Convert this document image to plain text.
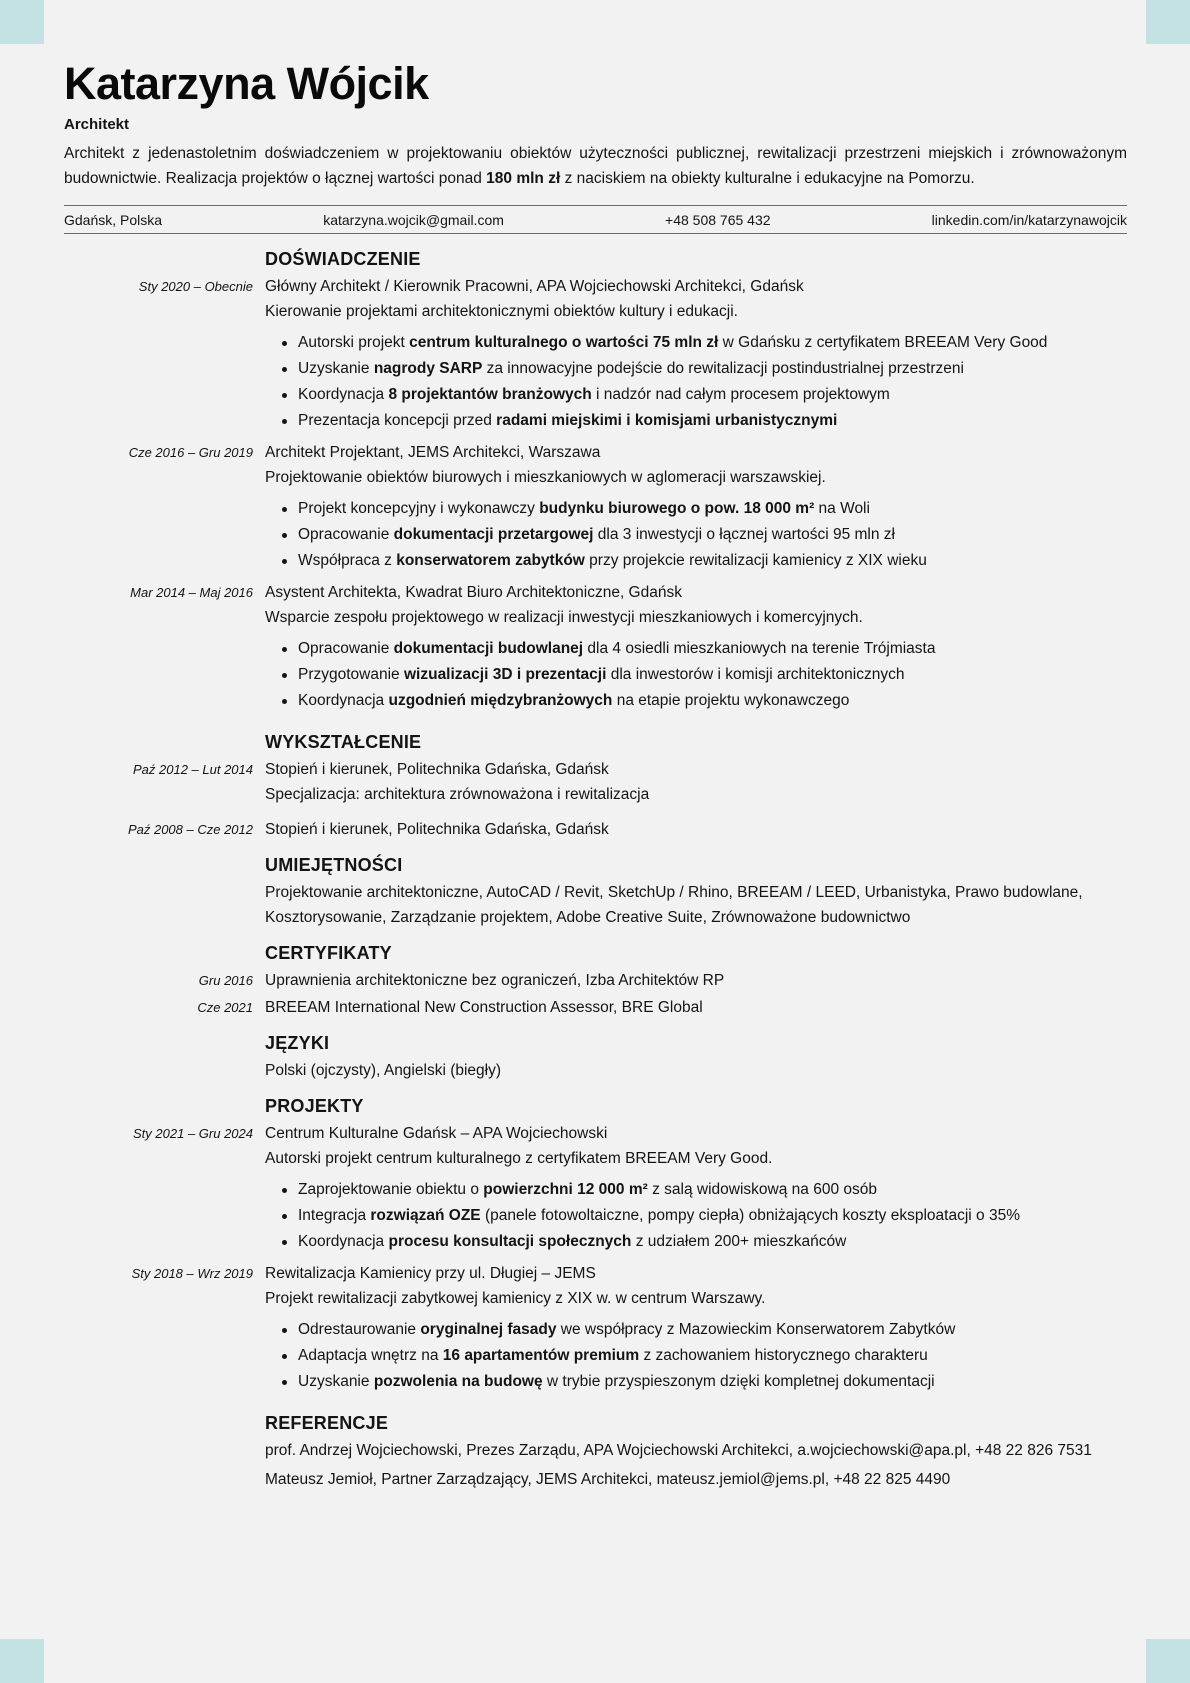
Katarzyna Wójcik
Architekt
Architekt z jedenastoletnim doświadczeniem w projektowaniu obiektów użyteczności publicznej, rewitalizacji przestrzeni miejskich i zrównoważonym budownictwie. Realizacja projektów o łącznej wartości ponad 180 mln zł z naciskiem na obiekty kulturalne i edukacyjne na Pomorzu.
Gdańsk, Polska	katarzyna.wojcik@gmail.com	+48 508 765 432	linkedin.com/in/katarzynawojcik
DOŚWIADCZENIE
Sty 2020 – Obecnie Główny Architekt / Kierownik Pracowni, APA Wojciechowski Architekci, Gdańsk
Kierowanie projektami architektonicznymi obiektów kultury i edukacji.
Autorski projekt centrum kulturalnego o wartości 75 mln zł w Gdańsku z certyfikatem BREEAM Very Good
Uzyskanie nagrody SARP za innowacyjne podejście do rewitalizacji postindustrialnej przestrzeni
Koordynacja 8 projektantów branżowych i nadzór nad całym procesem projektowym
Prezentacja koncepcji przed radami miejskimi i komisjami urbanistycznymi
Cze 2016 – Gru 2019 Architekt Projektant, JEMS Architekci, Warszawa
Projektowanie obiektów biurowych i mieszkaniowych w aglomeracji warszawskiej.
Projekt koncepcyjny i wykonawczy budynku biurowego o pow. 18 000 m² na Woli
Opracowanie dokumentacji przetargowej dla 3 inwestycji o łącznej wartości 95 mln zł
Współpraca z konserwatorem zabytków przy projekcie rewitalizacji kamienicy z XIX wieku
Mar 2014 – Maj 2016 Asystent Architekta, Kwadrat Biuro Architektoniczne, Gdańsk
Wsparcie zespołu projektowego w realizacji inwestycji mieszkaniowych i komercyjnych.
Opracowanie dokumentacji budowlanej dla 4 osiedli mieszkaniowych na terenie Trójmiasta
Przygotowanie wizualizacji 3D i prezentacji dla inwestorów i komisji architektonicznych
Koordynacja uzgodnień międzybranżowych na etapie projektu wykonawczego
WYKSZTAŁCENIE
Paź 2012 – Lut 2014 Stopień i kierunek, Politechnika Gdańska, Gdańsk
Specjalizacja: architektura zrównoważona i rewitalizacja
Paź 2008 – Cze 2012 Stopień i kierunek, Politechnika Gdańska, Gdańsk
UMIEJĘTNOŚCI
Projektowanie architektoniczne, AutoCAD / Revit, SketchUp / Rhino, BREEAM / LEED, Urbanistyka, Prawo budowlane, Kosztorysowanie, Zarządzanie projektem, Adobe Creative Suite, Zrównoważone budownictwo
CERTYFIKATY
Gru 2016 Uprawnienia architektoniczne bez ograniczeń, Izba Architektów RP
Cze 2021 BREEAM International New Construction Assessor, BRE Global
JĘZYKI
Polski (ojczysty), Angielski (biegły)
PROJEKTY
Sty 2021 – Gru 2024 Centrum Kulturalne Gdańsk – APA Wojciechowski
Autorski projekt centrum kulturalnego z certyfikatem BREEAM Very Good.
Zaprojektowanie obiektu o powierzchni 12 000 m² z salą widowiskową na 600 osób
Integracja rozwiązań OZE (panele fotowoltaiczne, pompy ciepła) obniżających koszty eksploatacji o 35%
Koordynacja procesu konsultacji społecznych z udziałem 200+ mieszkańców
Sty 2018 – Wrz 2019 Rewitalizacja Kamienicy przy ul. Długiej – JEMS
Projekt rewitalizacji zabytkowej kamienicy z XIX w. w centrum Warszawy.
Odrestaurowanie oryginalnej fasady we współpracy z Mazowieckim Konserwatorem Zabytków
Adaptacja wnętrz na 16 apartamentów premium z zachowaniem historycznego charakteru
Uzyskanie pozwolenia na budowę w trybie przyspieszonym dzięki kompletnej dokumentacji
REFERENCJE
prof. Andrzej Wojciechowski, Prezes Zarządu, APA Wojciechowski Architekci, a.wojciechowski@apa.pl, +48 22 826 7531
Mateusz Jemioł, Partner Zarządzający, JEMS Architekci, mateusz.jemiol@jems.pl, +48 22 825 4490
